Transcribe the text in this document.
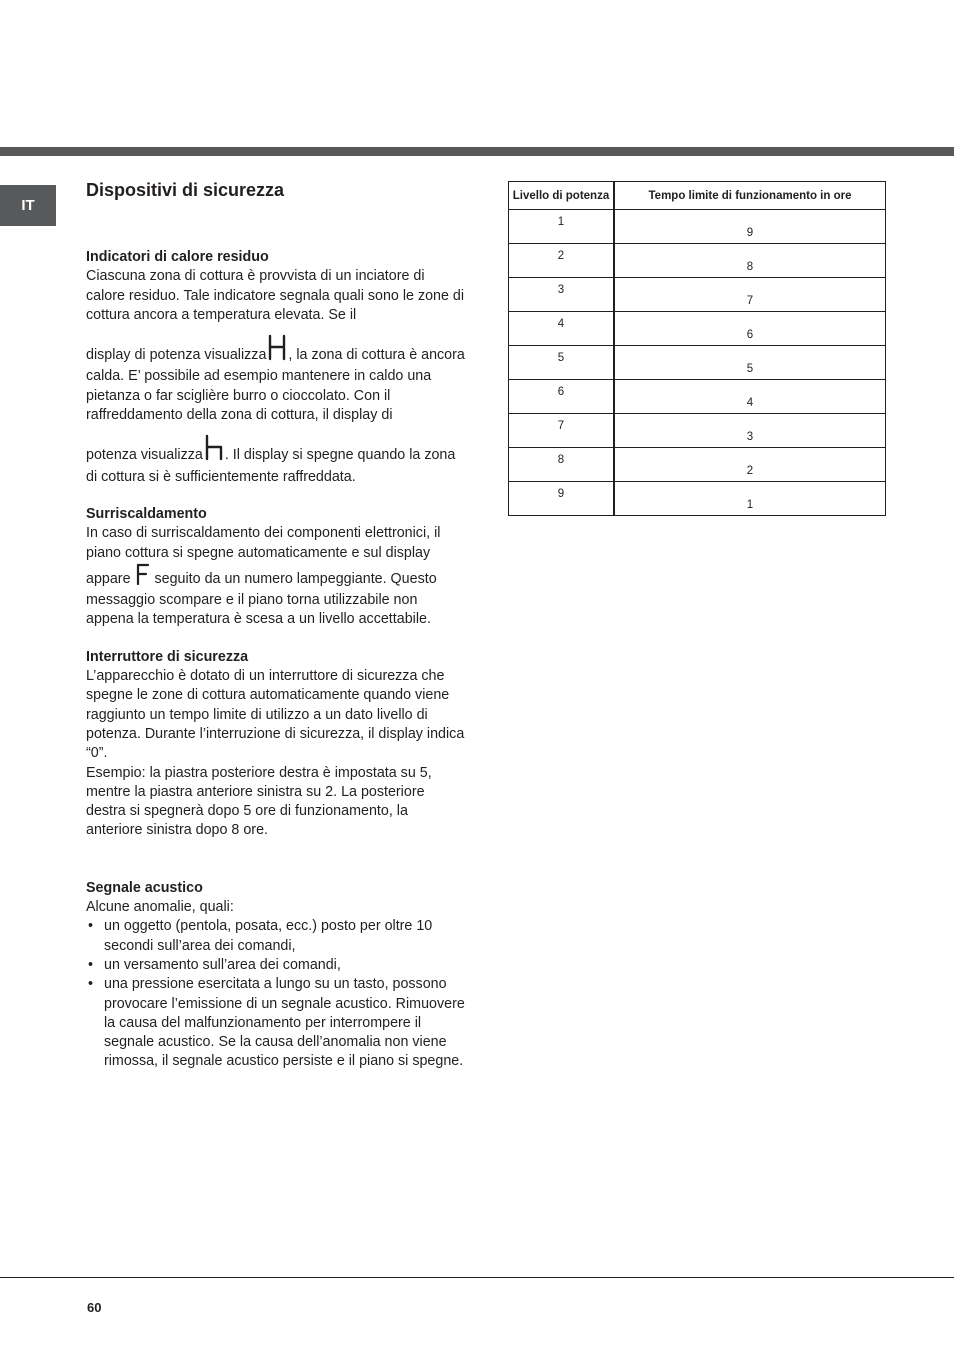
IT
Dispositivi di sicurezza

Indicatori di calore residuo

Ciascuna zona di cottura è provvista di un inciatore di calore residuo. Tale indicatore segnala quali sono le zone di cottura ancora a temperatura elevata. Se il

display di potenza visualizza , la zona di cottura è ancora calda. E’ possibile ad esempio mantenere in caldo una pietanza o far sciglière burro o cioccolato. Con il raffreddamento della zona di cottura, il display di

potenza visualizza . Il display si spegne quando la zona di cottura si è sufficientemente raffreddata.

Surriscaldamento

In caso di surriscaldamento dei componenti elettronici, il piano cottura si spegne automaticamente e sul display appare seguito da un numero lampeggiante. Questo messaggio scompare e il piano torna utilizzabile non appena la temperatura è scesa a un livello accettabile.

Interruttore di sicurezza

L’apparecchio è dotato di un interruttore di sicurezza che spegne le zone di cottura automaticamente quando viene raggiunto un tempo limite di utilizzo a un dato livello di potenza. Durante l’interruzione di sicurezza, il display indica “0”.

Esempio: la piastra posteriore destra è impostata su 5, mentre la piastra anteriore sinistra su 2. La posteriore destra si spegnerà dopo 5 ore di funzionamento, la anteriore sinistra dopo 8 ore.

Segnale acustico

Alcune anomalie, quali:

• un oggetto (pentola, posata, ecc.) posto per oltre 10 secondi sull’area dei comandi,
• un versamento sull’area dei comandi,
• una pressione esercitata a lungo su un tasto, possono provocare l’emissione di un segnale acustico. Rimuovere la causa del malfunzionamento per interrompere il segnale acustico. Se la causa dell’anomalia non viene rimossa, il segnale acustico persiste e il piano si spegne.
Livello di potenza	Tempo limite di funzionamento in ore
1	9
2	8
3	7
4	6
5	5
6	4
7	3
8	2
9	1
60
